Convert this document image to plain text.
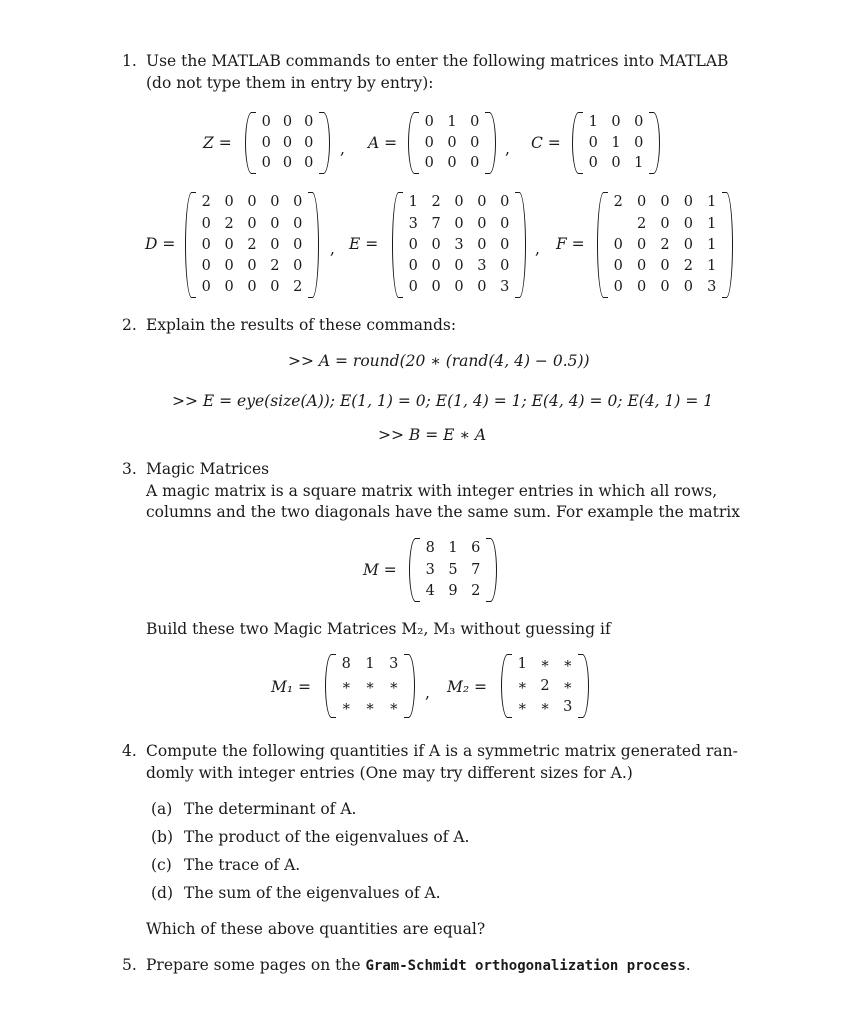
1. Use the MATLAB commands to enter the following matrices into MATLAB
(do not type them in entry by entry):
Z =
0 0 0
0 0 0
0 0 0
, A =
0 1 0
0 0 0
0 0 0
, C =
1 0 0
0 1 0
0 0 1
D =
2 0 0 0 0
0 2 0 0 0
0 0 2 0 0
0 0 0 2 0
0 0 0 0 2
, E =
1 2 0 0 0
3 7 0 0 0
0 0 3 0 0
0 0 0 3 0
0 0 0 0 3
, F =
2 0 0 0 1
2 0 0 1
0 0 2 0 1
0 0 0 2 1
0 0 0 0 3
2. Explain the results of these commands:
>> A = round(20 ∗ (rand(4, 4) − 0.5))
>> E = eye(size(A)); E(1, 1) = 0; E(1, 4) = 1; E(4, 4) = 0; E(4, 1) = 1
>> B = E ∗ A
3. Magic Matrices
A magic matrix is a square matrix with integer entries in which all rows,
columns and the two diagonals have the same sum. For example the matrix
M =
8 1 6
3 5 7
4 9 2
Build these two Magic Matrices M₂, M₃ without guessing if
M₁ =
8 1 3
∗ ∗ ∗
∗ ∗ ∗
, M₂ =
1 ∗ ∗
∗ 2 ∗
∗ ∗ 3
4. Compute the following quantities if A is a symmetric matrix generated ran-
domly with integer entries (One may try different sizes for A.)
(a) The determinant of A.
(b) The product of the eigenvalues of A.
(c) The trace of A.
(d) The sum of the eigenvalues of A.
Which of these above quantities are equal?
5. Prepare some pages on the Gram-Schmidt orthogonalization process.
